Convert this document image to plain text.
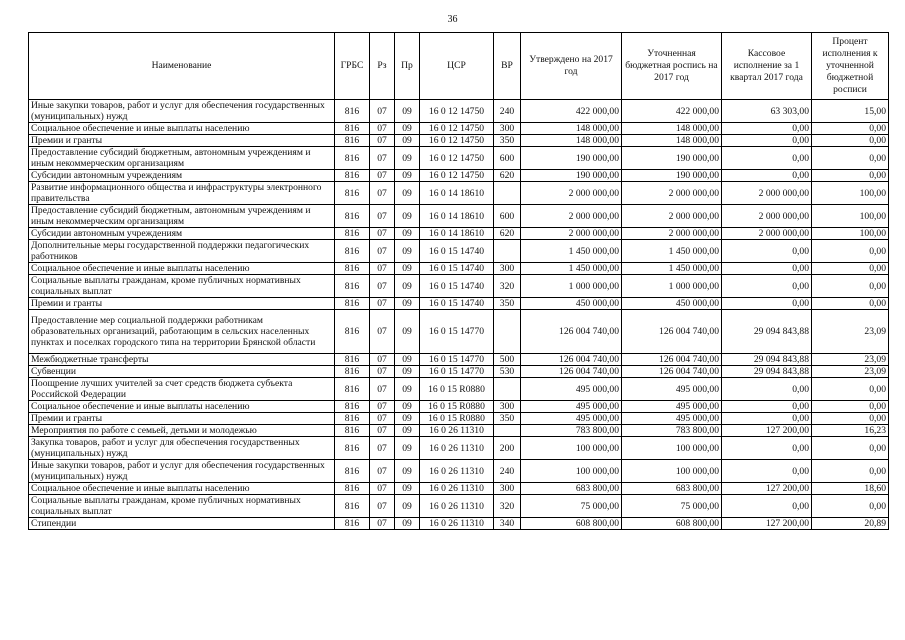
36
Наименование	ГРБС	Рз	Пр	ЦСР	ВР	Утверждено на 2017 год	Уточненная бюджетная роспись на 2017 год	Кассовое исполнение за 1 квартал 2017 года	Процент исполнения к уточненной бюджетной росписи
Иные закупки товаров, работ и услуг для обеспечения государственных (муниципальных) нужд	816	07	09	16 0 12 14750	240	422 000,00	422 000,00	63 303,00	15,00
Социальное обеспечение и иные выплаты населению	816	07	09	16 0 12 14750	300	148 000,00	148 000,00	0,00	0,00
Премии и гранты	816	07	09	16 0 12 14750	350	148 000,00	148 000,00	0,00	0,00
Предоставление субсидий бюджетным, автономным учреждениям и иным некоммерческим организациям	816	07	09	16 0 12 14750	600	190 000,00	190 000,00	0,00	0,00
Субсидии автономным учреждениям	816	07	09	16 0 12 14750	620	190 000,00	190 000,00	0,00	0,00
Развитие информационного общества и инфраструктуры электронного правительства	816	07	09	16 0 14 18610		2 000 000,00	2 000 000,00	2 000 000,00	100,00
Предоставление субсидий бюджетным, автономным учреждениям и иным некоммерческим организациям	816	07	09	16 0 14 18610	600	2 000 000,00	2 000 000,00	2 000 000,00	100,00
Субсидии автономным учреждениям	816	07	09	16 0 14 18610	620	2 000 000,00	2 000 000,00	2 000 000,00	100,00
Дополнительные меры государственной поддержки педагогических работников	816	07	09	16 0 15 14740		1 450 000,00	1 450 000,00	0,00	0,00
Социальное обеспечение и иные выплаты населению	816	07	09	16 0 15 14740	300	1 450 000,00	1 450 000,00	0,00	0,00
Социальные выплаты гражданам, кроме публичных нормативных социальных выплат	816	07	09	16 0 15 14740	320	1 000 000,00	1 000 000,00	0,00	0,00
Премии и гранты	816	07	09	16 0 15 14740	350	450 000,00	450 000,00	0,00	0,00
Предоставление мер социальной поддержки работникам образовательных организаций, работающим в сельских населенных пунктах и поселках городского типа на территории Брянской области	816	07	09	16 0 15 14770		126 004 740,00	126 004 740,00	29 094 843,88	23,09
Межбюджетные трансферты	816	07	09	16 0 15 14770	500	126 004 740,00	126 004 740,00	29 094 843,88	23,09
Субвенции	816	07	09	16 0 15 14770	530	126 004 740,00	126 004 740,00	29 094 843,88	23,09
Поощрение лучших учителей за счет средств бюджета субъекта Российской Федерации	816	07	09	16 0 15 R0880		495 000,00	495 000,00	0,00	0,00
Социальное обеспечение и иные выплаты населению	816	07	09	16 0 15 R0880	300	495 000,00	495 000,00	0,00	0,00
Премии и гранты	816	07	09	16 0 15 R0880	350	495 000,00	495 000,00	0,00	0,00
Мероприятия по работе с семьей, детьми и молодежью	816	07	09	16 0 26 11310		783 800,00	783 800,00	127 200,00	16,23
Закупка товаров, работ и услуг для обеспечения государственных (муниципальных) нужд	816	07	09	16 0 26 11310	200	100 000,00	100 000,00	0,00	0,00
Иные закупки товаров, работ и услуг для обеспечения государственных (муниципальных) нужд	816	07	09	16 0 26 11310	240	100 000,00	100 000,00	0,00	0,00
Социальное обеспечение и иные выплаты населению	816	07	09	16 0 26 11310	300	683 800,00	683 800,00	127 200,00	18,60
Социальные выплаты гражданам, кроме публичных нормативных социальных выплат	816	07	09	16 0 26 11310	320	75 000,00	75 000,00	0,00	0,00
Стипендии	816	07	09	16 0 26 11310	340	608 800,00	608 800,00	127 200,00	20,89
